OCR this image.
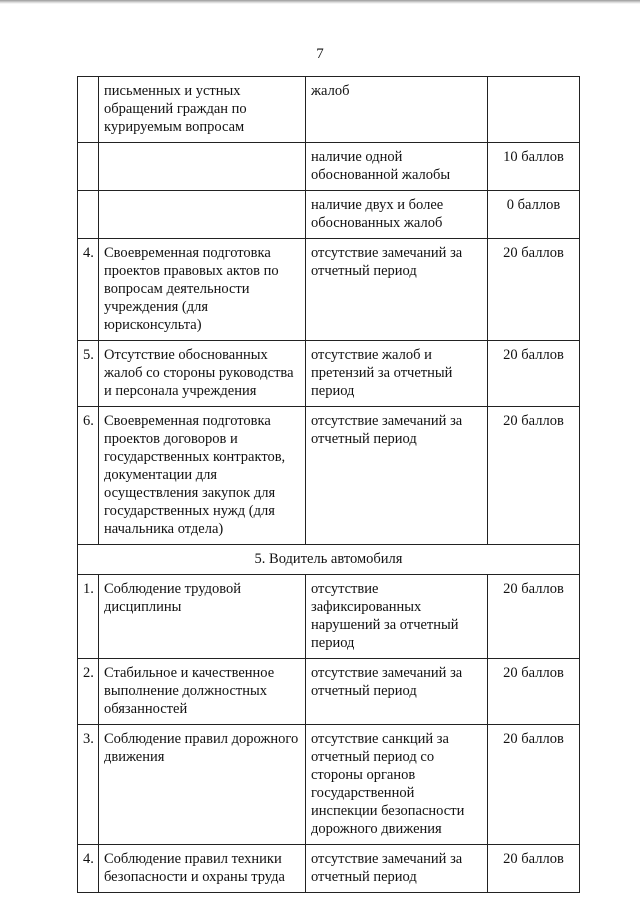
7
	письменных и устных обращений граждан по курируемым вопросам	жалоб	
		наличие одной обоснованной жалобы	10 баллов
		наличие двух и более обоснованных жалоб	0 баллов
4.	Своевременная подготовка проектов правовых актов по вопросам деятельности учреждения (для юрисконсульта)	отсутствие замечаний за отчетный период	20 баллов
5.	Отсутствие обоснованных жалоб со стороны руководства и персонала учреждения	отсутствие жалоб и претензий за отчетный период	20 баллов
6.	Своевременная подготовка проектов договоров и государственных контрактов, документации для осуществления закупок для государственных нужд (для начальника отдела)	отсутствие замечаний за отчетный период	20 баллов
5. Водитель автомобиля			
1.	Соблюдение трудовой дисциплины	отсутствие зафиксированных нарушений за отчетный период	20 баллов
2.	Стабильное и качественное выполнение должностных обязанностей	отсутствие замечаний за отчетный период	20 баллов
3.	Соблюдение правил дорожного движения	отсутствие санкций за отчетный период со стороны органов государственной инспекции безопасности дорожного движения	20 баллов
4.	Соблюдение правил техники безопасности и охраны труда	отсутствие замечаний за отчетный период	20 баллов
